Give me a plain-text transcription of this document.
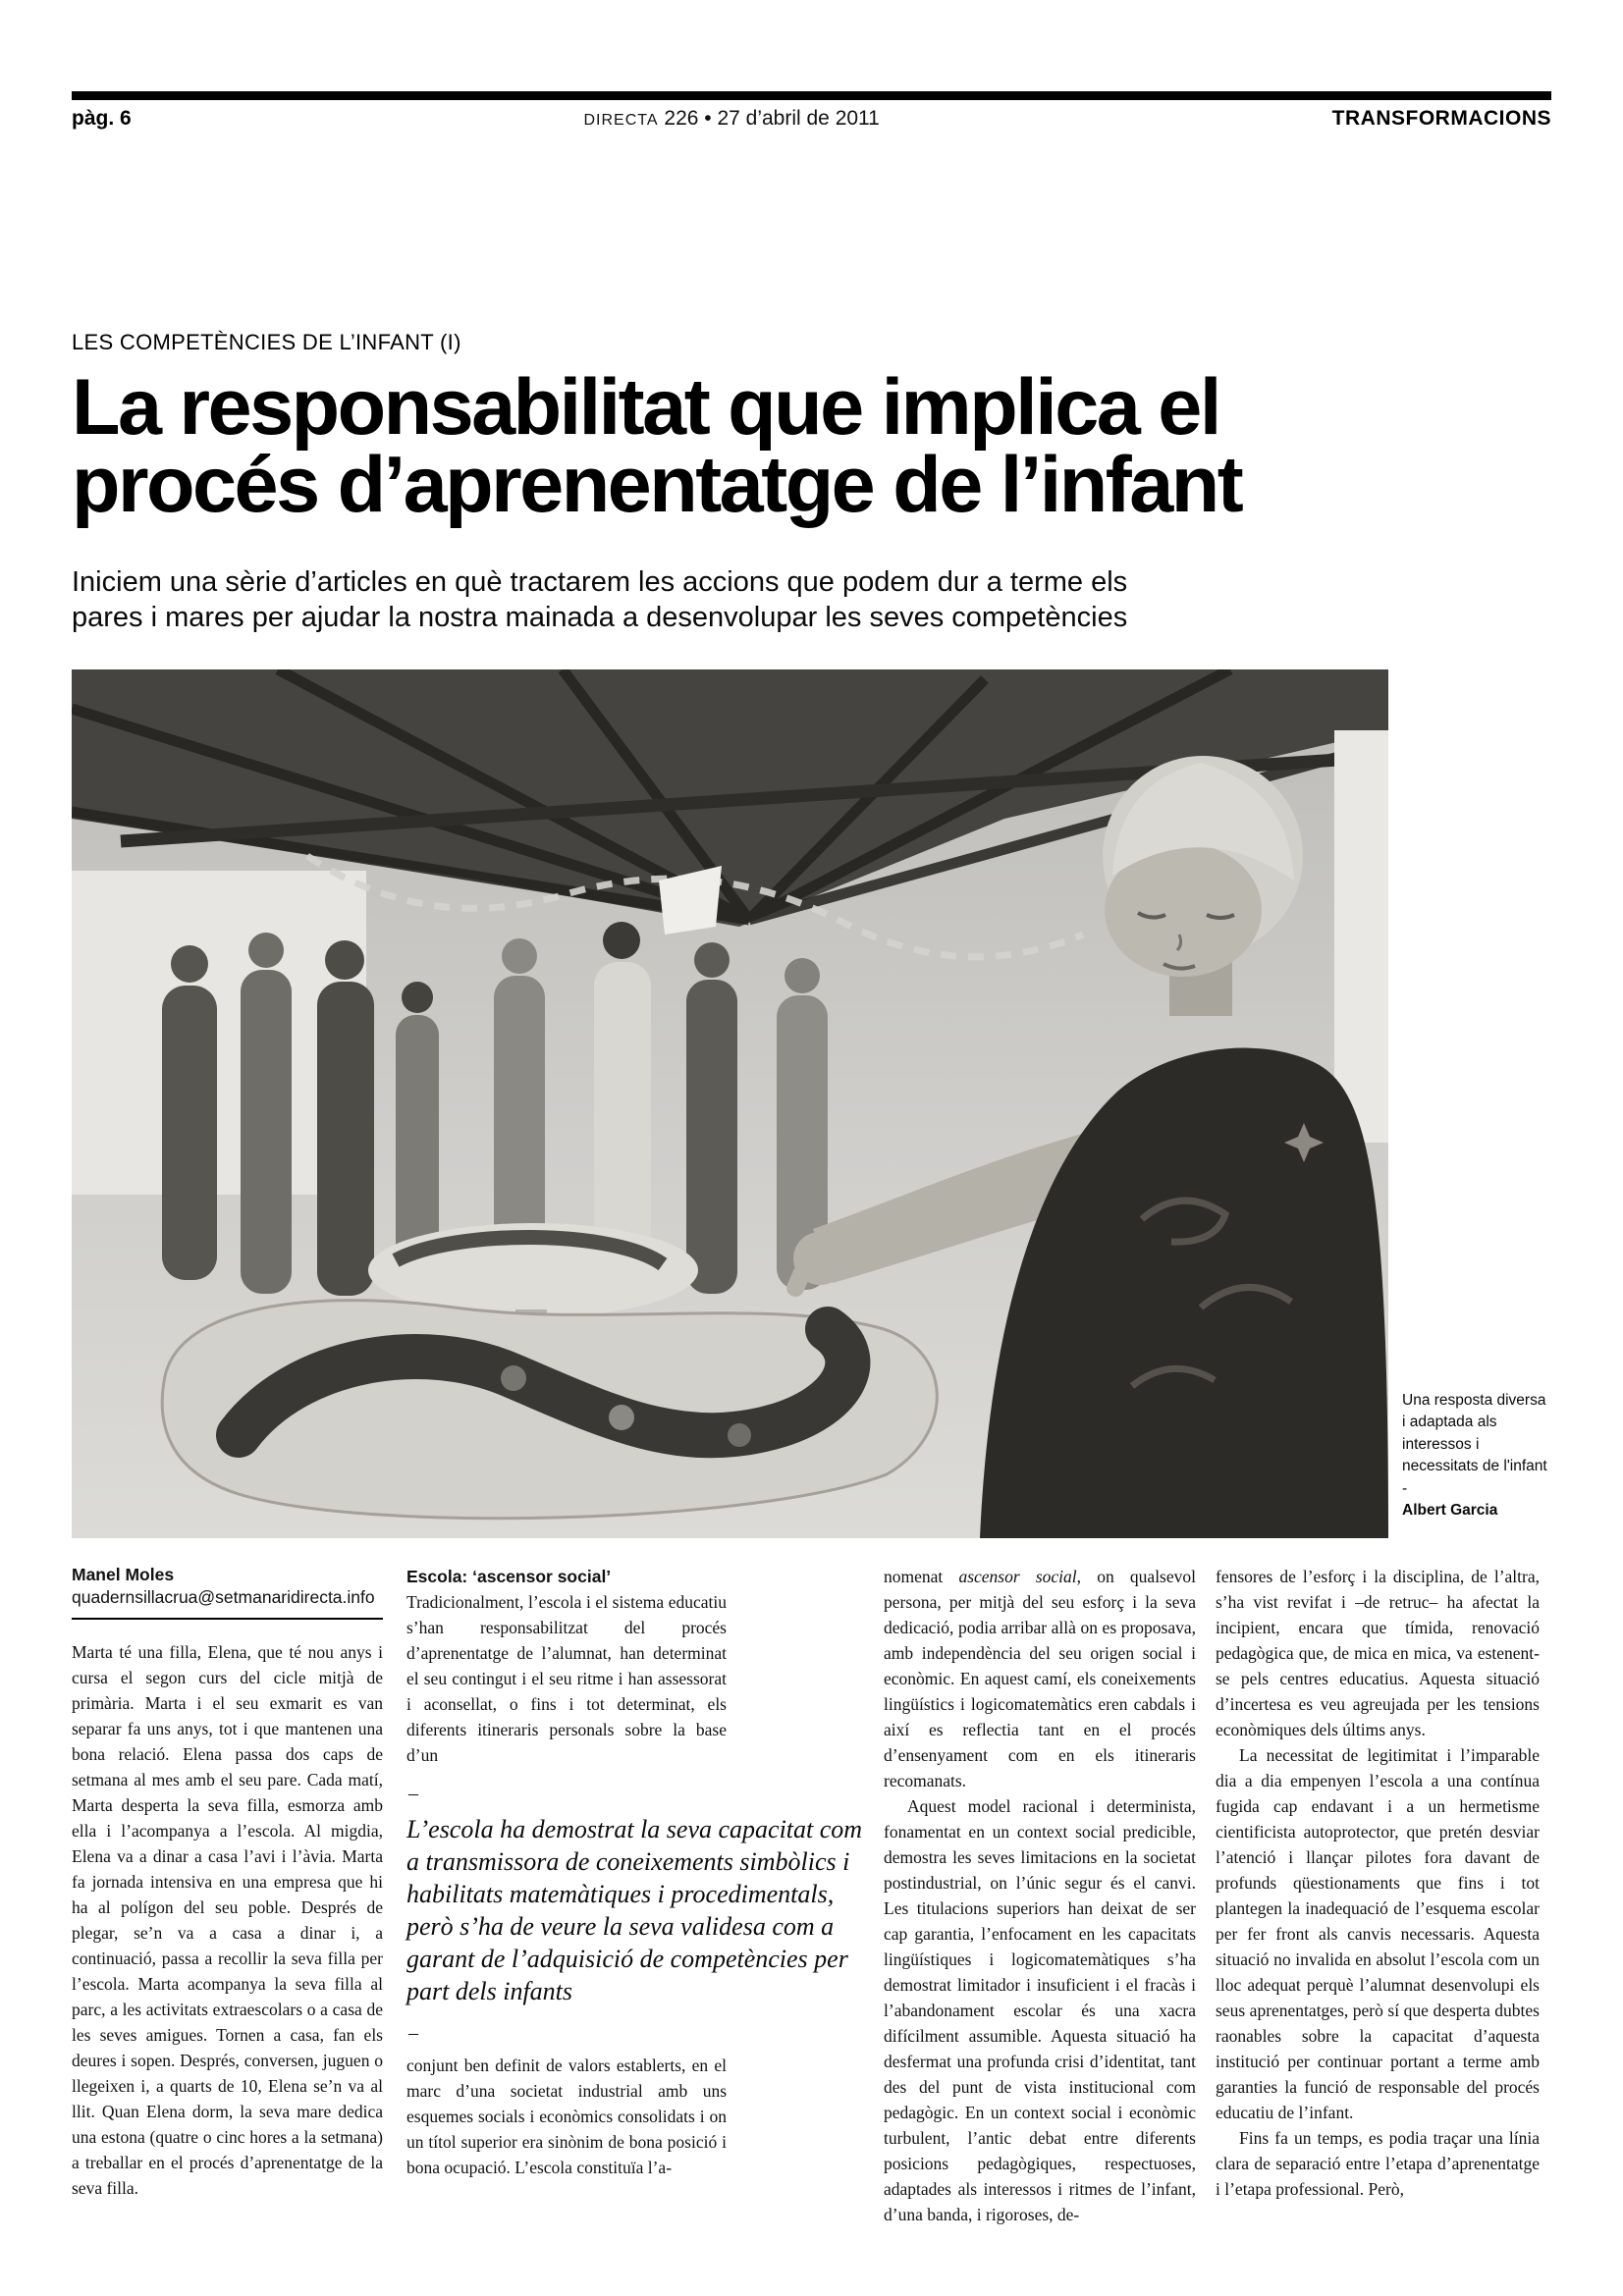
pàg. 6	DIRECTA 226 • 27 d’abril de 2011	TRANSFORMACIONS
LES COMPETÈNCIES DE L’INFANT (I)
La responsabilitat que implica el
procés d’aprenentatge de l’infant
Iniciem una sèrie d’articles en què tractarem les accions que podem dur a terme els pares i mares per ajudar la nostra mainada a desenvolupar les seves competències
Una resposta diversa i adaptada als interessos i necessitats de l'infant
-
Albert Garcia
Manel Moles
quadernsillacrua@setmanaridirecta.info

Marta té una filla, Elena, que té nou anys i cursa el segon curs del cicle mitjà de primària. Marta i el seu exmarit es van separar fa uns anys, tot i que mantenen una bona relació. Elena passa dos caps de setmana al mes amb el seu pare. Cada matí, Marta desperta la seva filla, esmorza amb ella i l’acompanya a l’escola. Al migdia, Elena va a dinar a casa l’avi i l’àvia. Marta fa jornada intensiva en una empresa que hi ha al polígon del seu poble. Després de plegar, se’n va a casa a dinar i, a continuació, passa a recollir la seva filla per l’escola. Marta acompanya la seva filla al parc, a les activitats extraescolars o a casa de les seves amigues. Tornen a casa, fan els deures i sopen. Després, conversen, juguen o llegeixen i, a quarts de 10, Elena se’n va al llit. Quan Elena dorm, la seva mare dedica una estona (quatre o cinc hores a la setmana) a treballar en el procés d’aprenentatge de la seva filla.

Escola: ‘ascensor social’

Tradicionalment, l’escola i el sistema educatiu s’han responsabilitzat del procés d’aprenentatge de l’alumnat, han determinat el seu contingut i el seu ritme i han assessorat i aconsellat, o fins i tot determinat, els diferents itineraris personals sobre la base d’un

–
L’escola ha demostrat la seva capacitat com a transmissora de coneixements simbòlics i habilitats matemàtiques i procedimentals, però s’ha de veure la seva validesa com a garant de l’adquisició de competències per part dels infants
–

conjunt ben definit de valors establerts, en el marc d’una societat industrial amb uns esquemes socials i econòmics consolidats i on un títol superior era sinònim de bona posició i bona ocupació. L’escola constituïa l’a-

nomenat ascensor social, on qualsevol persona, per mitjà del seu esforç i la seva dedicació, podia arribar allà on es proposava, amb independència del seu origen social i econòmic. En aquest camí, els coneixements lingüístics i logicomatemàtics eren cabdals i així es reflectia tant en el procés d’ensenyament com en els itineraris recomanats.

Aquest model racional i determinista, fonamentat en un context social predicible, demostra les seves limitacions en la societat postindustrial, on l’únic segur és el canvi. Les titulacions superiors han deixat de ser cap garantia, l’enfocament en les capacitats lingüístiques i logicomatemàtiques s’ha demostrat limitador i insuficient i el fracàs i l’abandonament escolar és una xacra difícilment assumible. Aquesta situació ha desfermat una profunda crisi d’identitat, tant des del punt de vista institucional com pedagògic. En un context social i econòmic turbulent, l’antic debat entre diferents posicions pedagògiques, respectuoses, adaptades als interessos i ritmes de l’infant, d’una banda, i rigoroses, de-

fensores de l’esforç i la disciplina, de l’altra, s’ha vist revifat i –de retruc– ha afectat la incipient, encara que tímida, renovació pedagògica que, de mica en mica, va estenent-se pels centres educatius. Aquesta situació d’incertesa es veu agreujada per les tensions econòmiques dels últims anys.

La necessitat de legitimitat i l’imparable dia a dia empenyen l’escola a una contínua fugida cap endavant i a un hermetisme cientificista autoprotector, que pretén desviar l’atenció i llançar pilotes fora davant de profunds qüestionaments que fins i tot plantegen la inadequació de l’esquema escolar per fer front als canvis necessaris. Aquesta situació no invalida en absolut l’escola com un lloc adequat perquè l’alumnat desenvolupi els seus aprenentatges, però sí que desperta dubtes raonables sobre la capacitat d’aquesta institució per continuar portant a terme amb garanties la funció de responsable del procés educatiu de l’infant.

Fins fa un temps, es podia traçar una línia clara de separació entre l’etapa d’aprenentatge i l’etapa professional. Però,
